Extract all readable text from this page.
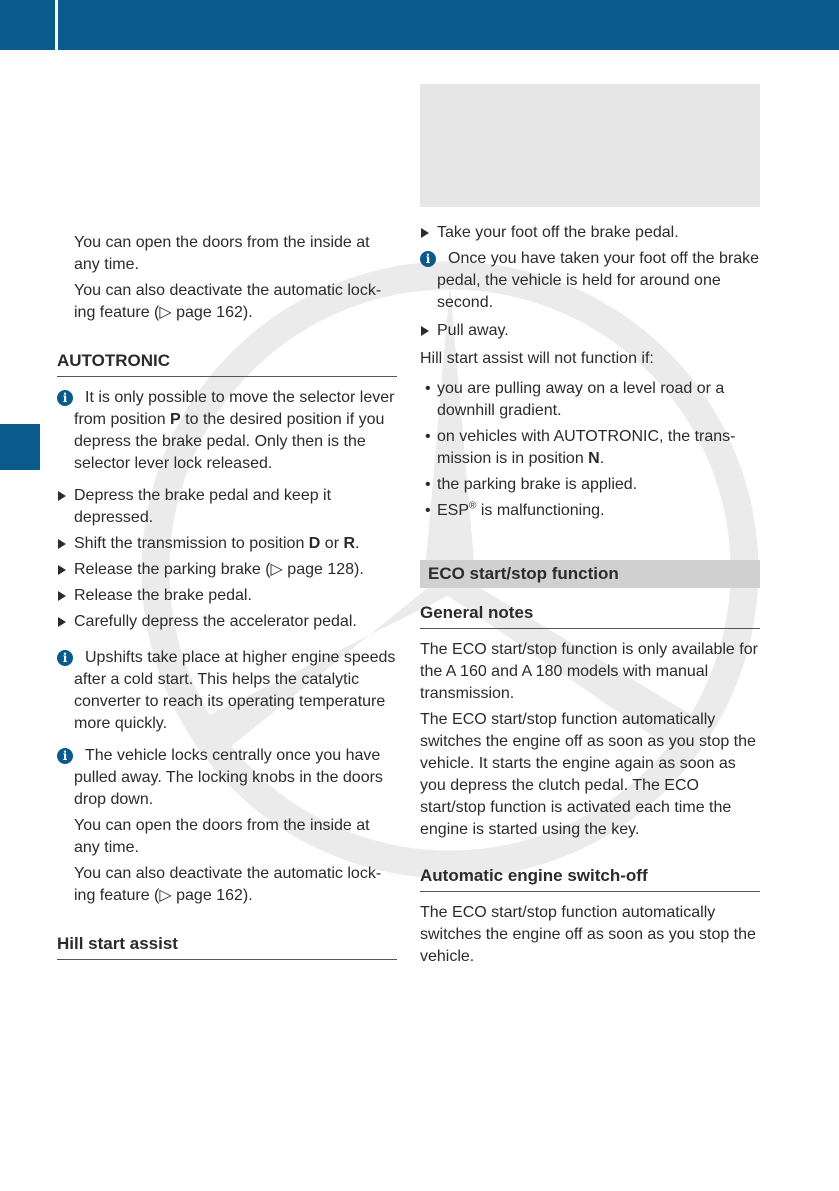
You can open the doors from the inside at any time.

You can also deactivate the automatic lock-ing feature (▷ page 162).

AUTOTRONIC
i	It is only possible to move the selector lever from position P to the desired position if you depress the brake pedal. Only then is the selector lever lock released.
Depress the brake pedal and keep it depressed.
Shift the transmission to position D or R.
Release the parking brake (▷ page 128).
Release the brake pedal.
Carefully depress the accelerator pedal.
i	Upshifts take place at higher engine speeds after a cold start. This helps the catalytic converter to reach its operating temperature more quickly.
i	The vehicle locks centrally once you have pulled away. The locking knobs in the doors drop down.

You can open the doors from the inside at any time.

You can also deactivate the automatic lock-ing feature (▷ page 162).

Hill start assist
Take your foot off the brake pedal.
i	Once you have taken your foot off the brake pedal, the vehicle is held for around one second.
Pull away.

Hill start assist will not function if:

• you are pulling away on a level road or a downhill gradient.
• on vehicles with AUTOTRONIC, the trans-mission is in position N.
• the parking brake is applied.
• ESP® is malfunctioning.
ECO start/stop function
General notes

The ECO start/stop function is only available for the A 160 and A 180 models with manual transmission.

The ECO start/stop function automatically switches the engine off as soon as you stop the vehicle. It starts the engine again as soon as you depress the clutch pedal. The ECO start/stop function is activated each time the engine is started using the key.

Automatic engine switch-off

The ECO start/stop function automatically switches the engine off as soon as you stop the vehicle.
